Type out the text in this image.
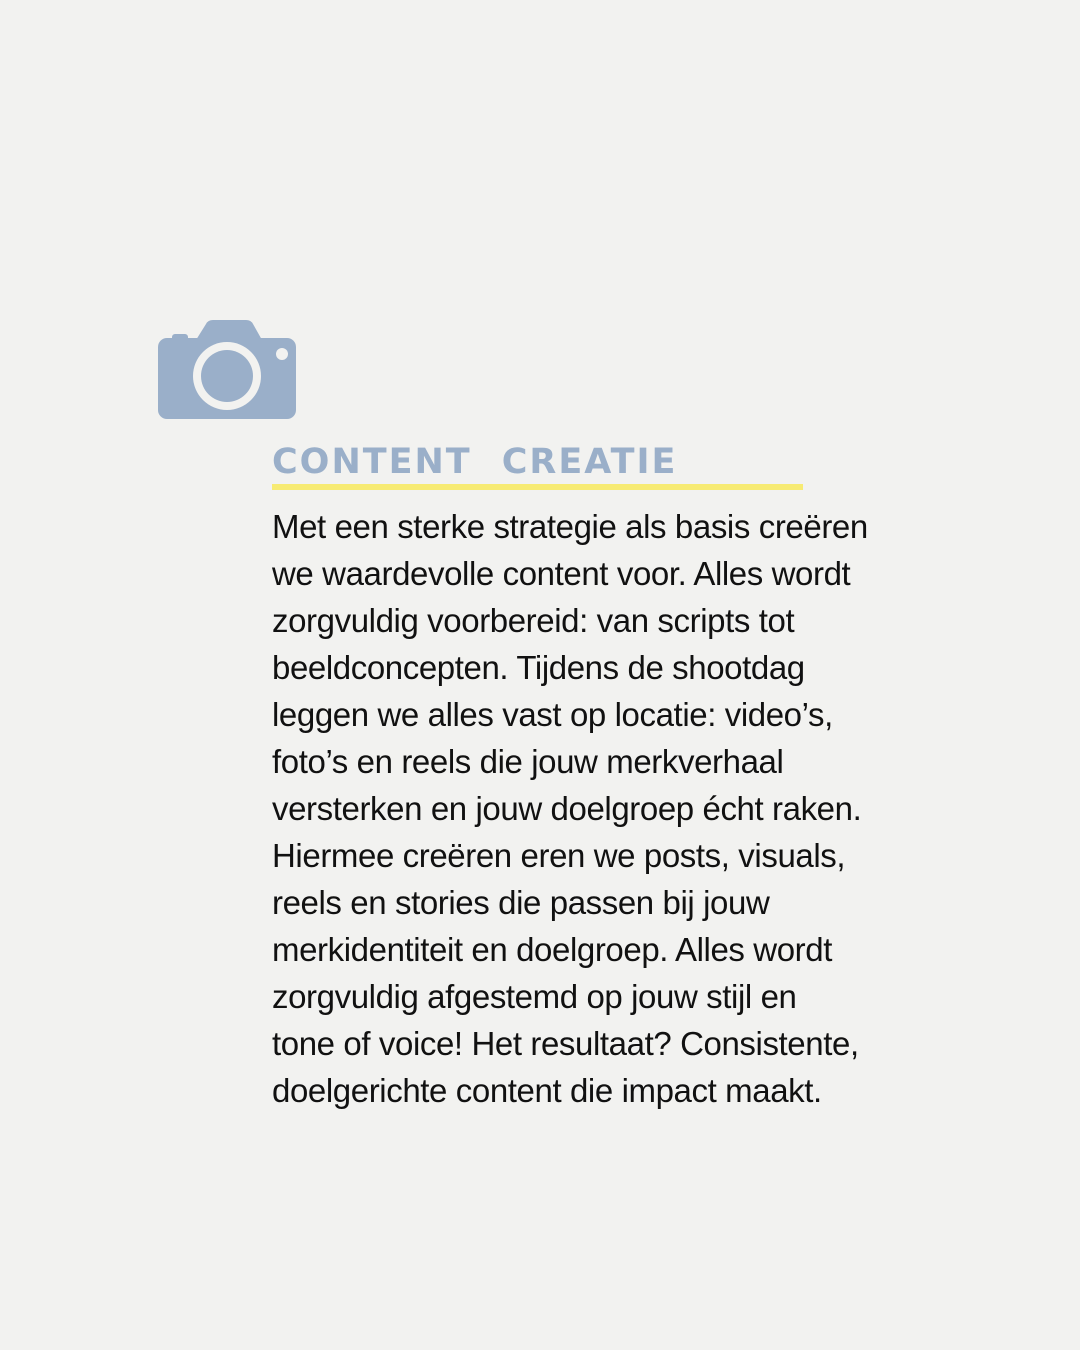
CONTENT CREATIE

Met een sterke strategie als basis creëren
we waardevolle content voor. Alles wordt
zorgvuldig voorbereid: van scripts tot
beeldconcepten. Tijdens de shootdag
leggen we alles vast op locatie: video’s,
foto’s en reels die jouw merkverhaal
versterken en jouw doelgroep écht raken.
Hiermee creëren eren we posts, visuals,
reels en stories die passen bij jouw
merkidentiteit en doelgroep. Alles wordt
zorgvuldig afgestemd op jouw stijl en
tone of voice! Het resultaat? Consistente,
doelgerichte content die impact maakt.
